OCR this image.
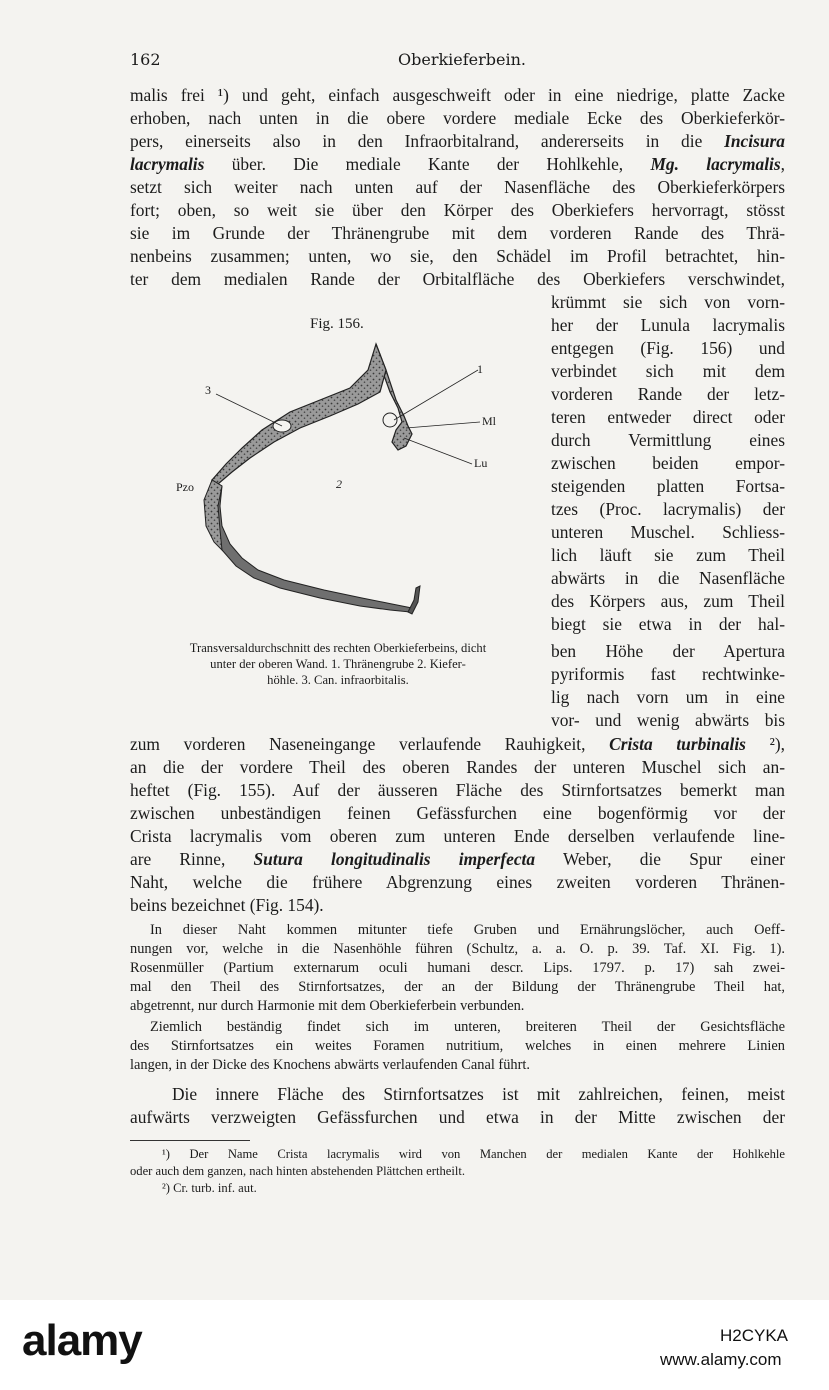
162	Oberkieferbein.
malis frei ¹) und geht, einfach ausgeschweift oder in eine niedrige, platte Zacke
erhoben, nach unten in die obere vordere mediale Ecke des Oberkieferkör-
pers, einerseits also in den Infraorbitalrand, andererseits in die Incisura
lacrymalis über. Die mediale Kante der Hohlkehle, Mg. lacrymalis,
setzt sich weiter nach unten auf der Nasenfläche des Oberkieferkörpers
fort; oben, so weit sie über den Körper des Oberkiefers hervorragt, stösst
sie im Grunde der Thränengrube mit dem vorderen Rande des Thrä-
nenbeins zusammen; unten, wo sie, den Schädel im Profil betrachtet, hin-
ter dem medialen Rande der Orbitalfläche des Oberkiefers verschwindet,
krümmt sie sich von vorn-
her der Lunula lacrymalis
entgegen (Fig. 156) und
verbindet sich mit dem
vorderen Rande der letz-
teren entweder direct oder
durch Vermittlung eines
zwischen beiden empor-
steigenden platten Fortsa-
tzes (Proc. lacrymalis) der
unteren Muschel. Schliess-
lich läuft sie zum Theil
abwärts in die Nasenfläche
des Körpers aus, zum Theil
biegt sie etwa in der hal-
ben Höhe der Apertura
pyriformis fast rechtwinke-
lig nach vorn um in eine
vor- und wenig abwärts bis
Fig. 156.
1
Ml
Lu
3
Pzo	2
Transversaldurchschnitt des rechten Oberkieferbeins, dicht
unter der oberen Wand. 1. Thränengrube 2. Kiefer-
höhle. 3. Can. infraorbitalis.
zum vorderen Naseneingange verlaufende Rauhigkeit, Crista turbinalis ²),
an die der vordere Theil des oberen Randes der unteren Muschel sich an-
heftet (Fig. 155). Auf der äusseren Fläche des Stirnfortsatzes bemerkt man
zwischen unbeständigen feinen Gefässfurchen eine bogenförmig vor der
Crista lacrymalis vom oberen zum unteren Ende derselben verlaufende line-
are Rinne, Sutura longitudinalis imperfecta Weber, die Spur einer
Naht, welche die frühere Abgrenzung eines zweiten vorderen Thränen-
beins bezeichnet (Fig. 154).
In dieser Naht kommen mitunter tiefe Gruben und Ernährungslöcher, auch Oeff-
nungen vor, welche in die Nasenhöhle führen (Schultz, a. a. O. p. 39. Taf. XI. Fig. 1).
Rosenmüller (Partium externarum oculi humani descr. Lips. 1797. p. 17) sah zwei-
mal den Theil des Stirnfortsatzes, der an der Bildung der Thränengrube Theil hat,
abgetrennt, nur durch Harmonie mit dem Oberkieferbein verbunden.
Ziemlich beständig findet sich im unteren, breiteren Theil der Gesichtsfläche
des Stirnfortsatzes ein weites Foramen nutritium, welches in einen mehrere Linien
langen, in der Dicke des Knochens abwärts verlaufenden Canal führt.
Die innere Fläche des Stirnfortsatzes ist mit zahlreichen, feinen, meist
aufwärts verzweigten Gefässfurchen und etwa in der Mitte zwischen der
¹) Der Name Crista lacrymalis wird von Manchen der medialen Kante der Hohlkehle
oder auch dem ganzen, nach hinten abstehenden Plättchen ertheilt.
²) Cr. turb. inf. aut.
alamy	H2CYKA
www.alamy.com
